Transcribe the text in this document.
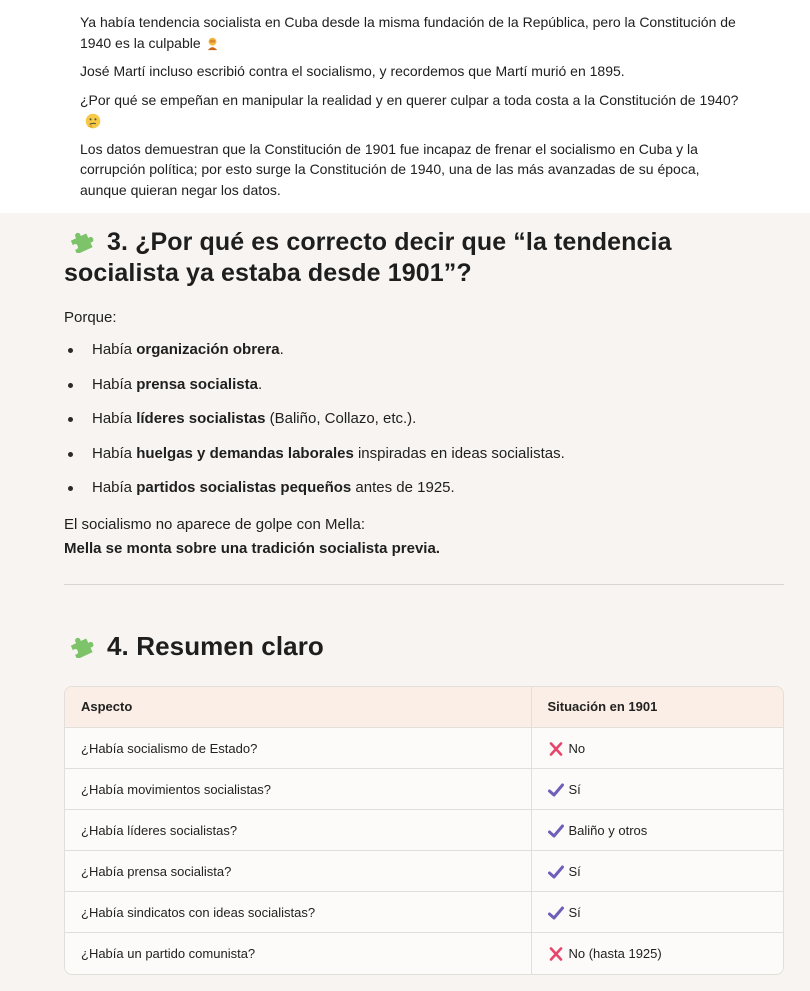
Ya había tendencia socialista en Cuba desde la misma fundación de la República, pero la Constitución de 1940 es la culpable

José Martí incluso escribió contra el socialismo, y recordemos que Martí murió en 1895.

¿Por qué se empeñan en manipular la realidad y en querer culpar a toda costa a la Constitución de 1940?

Los datos demuestran que la Constitución de 1901 fue incapaz de frenar el socialismo en Cuba y la corrupción política; por esto surge la Constitución de 1940, una de las más avanzadas de su época, aunque quieran negar los datos.

3. ¿Por qué es correcto decir que “la tendencia socialista ya estaba desde 1901”?

Porque:

Había organización obrera.
Había prensa socialista.
Había líderes socialistas (Baliño, Collazo, etc.).
Había huelgas y demandas laborales inspiradas en ideas socialistas.
Había partidos socialistas pequeños antes de 1925.
El socialismo no aparece de golpe con Mella:
Mella se monta sobre una tradición socialista previa.
4. Resumen claro
Aspecto	Situación en 1901
¿Había socialismo de Estado?	No
¿Había movimientos socialistas?	Sí
¿Había líderes socialistas?	Baliño y otros
¿Había prensa socialista?	Sí
¿Había sindicatos con ideas socialistas?	Sí
¿Había un partido comunista?	No (hasta 1925)
